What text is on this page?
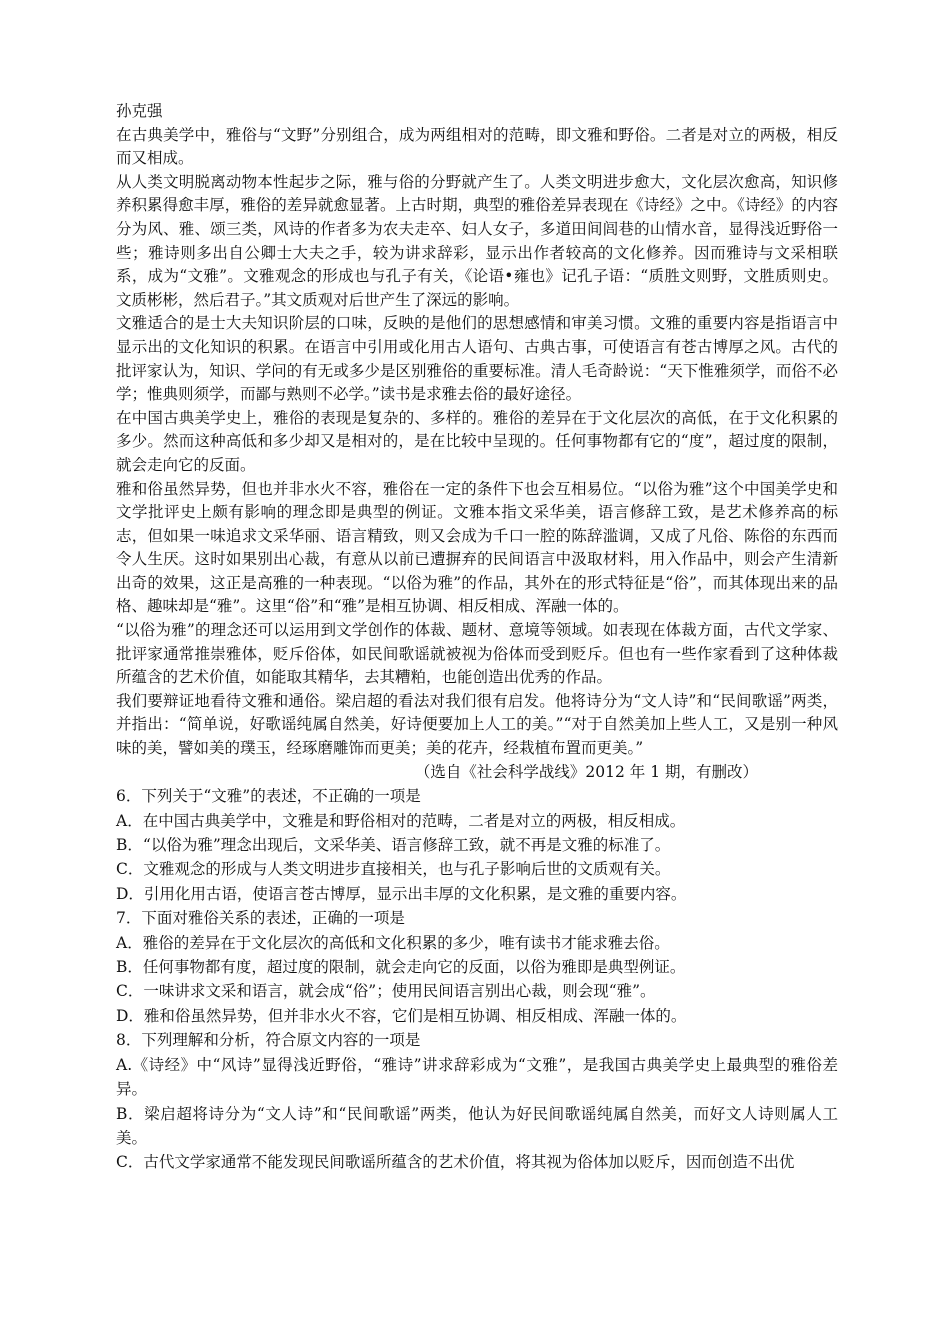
孙克强

在古典美学中，雅俗与“文野”分别组合，成为两组相对的范畴，即文雅和野俗。二者是对立的两极，相反而又相成。

从人类文明脱离动物本性起步之际，雅与俗的分野就产生了。人类文明进步愈大，文化层次愈高，知识修养积累得愈丰厚，雅俗的差异就愈显著。上古时期，典型的雅俗差异表现在《诗经》之中。《诗经》的内容分为风、雅、颂三类，风诗的作者多为农夫走卒、妇人女子，多道田间闾巷的山情水音，显得浅近野俗一些；雅诗则多出自公卿士大夫之手，较为讲求辞彩，显示出作者较高的文化修养。因而雅诗与文采相联系，成为“文雅”。文雅观念的形成也与孔子有关，《论语•雍也》记孔子语：“质胜文则野，文胜质则史。文质彬彬，然后君子。”其文质观对后世产生了深远的影响。

文雅适合的是士大夫知识阶层的口味，反映的是他们的思想感情和审美习惯。文雅的重要内容是指语言中显示出的文化知识的积累。在语言中引用或化用古人语句、古典古事，可使语言有苍古博厚之风。古代的批评家认为，知识、学问的有无或多少是区别雅俗的重要标准。清人毛奇龄说：“天下惟雅须学，而俗不必学；惟典则须学，而鄙与熟则不必学。”读书是求雅去俗的最好途径。

在中国古典美学史上，雅俗的表现是复杂的、多样的。雅俗的差异在于文化层次的高低，在于文化积累的多少。然而这种高低和多少却又是相对的，是在比较中呈现的。任何事物都有它的“度”，超过度的限制，就会走向它的反面。

雅和俗虽然异势，但也并非水火不容，雅俗在一定的条件下也会互相易位。“以俗为雅”这个中国美学史和文学批评史上颇有影响的理念即是典型的例证。文雅本指文采华美，语言修辞工致，是艺术修养高的标志，但如果一味追求文采华丽、语言精致，则又会成为千口一腔的陈辞滥调，又成了凡俗、陈俗的东西而令人生厌。这时如果别出心裁，有意从以前已遭摒弃的民间语言中汲取材料，用入作品中，则会产生清新出奇的效果，这正是高雅的一种表现。“以俗为雅”的作品，其外在的形式特征是“俗”，而其体现出来的品格、趣味却是“雅”。这里“俗”和“雅”是相互协调、相反相成、浑融一体的。

“以俗为雅”的理念还可以运用到文学创作的体裁、题材、意境等领域。如表现在体裁方面，古代文学家、批评家通常推崇雅体，贬斥俗体，如民间歌谣就被视为俗体而受到贬斥。但也有一些作家看到了这种体裁所蕴含的艺术价值，如能取其精华，去其糟粕，也能创造出优秀的作品。

我们要辩证地看待文雅和通俗。梁启超的看法对我们很有启发。他将诗分为“文人诗”和“民间歌谣”两类，并指出：“简单说，好歌谣纯属自然美，好诗便要加上人工的美。”“对于自然美加上些人工，又是别一种风味的美，譬如美的璞玉，经琢磨雕饰而更美；美的花卉，经栽植布置而更美。”

（选自《社会科学战线》2012 年 1 期，有删改）

6．下列关于“文雅”的表述，不正确的一项是

A．在中国古典美学中，文雅是和野俗相对的范畴，二者是对立的两极，相反相成。

B．“以俗为雅”理念出现后，文采华美、语言修辞工致，就不再是文雅的标准了。

C．文雅观念的形成与人类文明进步直接相关，也与孔子影响后世的文质观有关。

D．引用化用古语，使语言苍古博厚，显示出丰厚的文化积累，是文雅的重要内容。

7．下面对雅俗关系的表述，正确的一项是

A．雅俗的差异在于文化层次的高低和文化积累的多少，唯有读书才能求雅去俗。

B．任何事物都有度，超过度的限制，就会走向它的反面，以俗为雅即是典型例证。

C．一味讲求文采和语言，就会成“俗”；使用民间语言别出心裁，则会现“雅”。

D．雅和俗虽然异势，但并非水火不容，它们是相互协调、相反相成、浑融一体的。

8．下列理解和分析，符合原文内容的一项是

A.《诗经》中“风诗”显得浅近野俗，“雅诗”讲求辞彩成为“文雅”，是我国古典美学史上最典型的雅俗差异。

B．梁启超将诗分为“文人诗”和“民间歌谣”两类，他认为好民间歌谣纯属自然美，而好文人诗则属人工美。

C．古代文学家通常不能发现民间歌谣所蕴含的艺术价值，将其视为俗体加以贬斥，因而创造不出优
